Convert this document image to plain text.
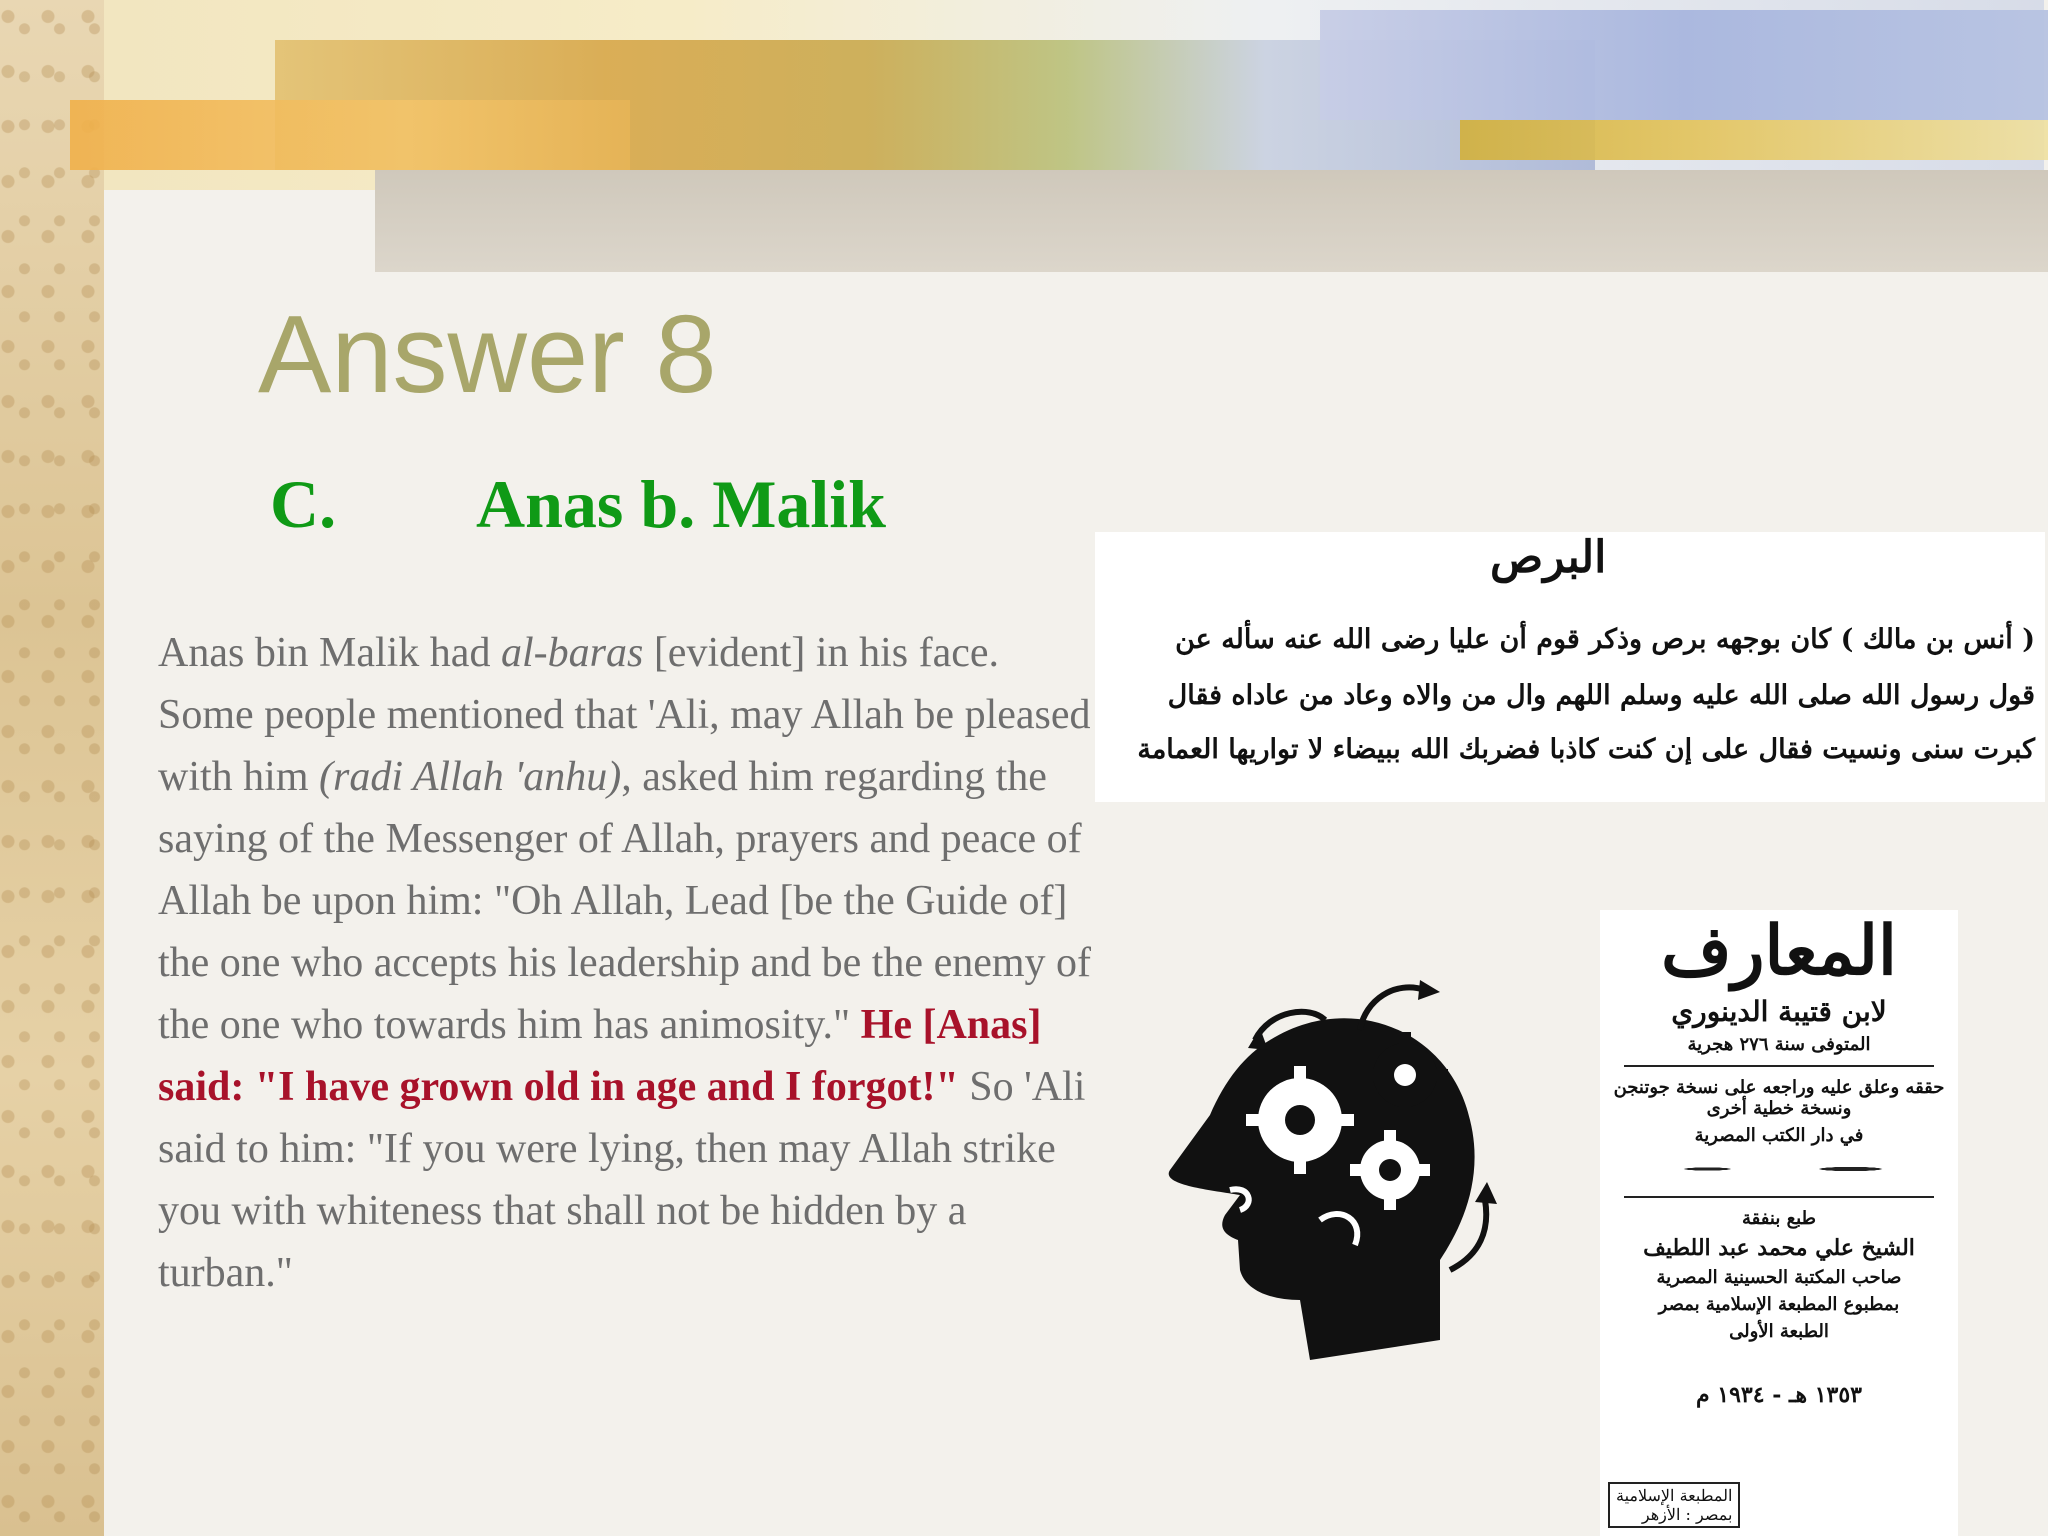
Answer 8
C. Anas b. Malik
Anas bin Malik had al-baras [evident] in his face. Some people mentioned that 'Ali, may Allah be pleased with him (radi Allah 'anhu), asked him regarding the saying of the Messenger of Allah, prayers and peace of Allah be upon him: "Oh Allah, Lead [be the Guide of] the one who accepts his leadership and be the enemy of the one who towards him has animosity." He [Anas] said: "I have grown old in age and I forgot!" So 'Ali said to him: "If you were lying, then may Allah strike you with whiteness that shall not be hidden by a turban."
البرص
( أنس بن مالك ) كان بوجهه برص وذكر قوم أن عليا رضى الله عنه سأله عن
قول رسول الله صلى الله عليه وسلم اللهم وال من والاه وعاد من عاداه فقال
كبرت سنى ونسيت فقال على إن كنت كاذبا فضربك الله ببيضاء لا تواريها العمامة
المعارف
لابن قتيبة الدينوري
المتوفى سنة ٢٧٦ هجرية
حققه وعلق عليه وراجعه على نسخة جوتنجن ونسخة خطية أخرى
في دار الكتب المصرية
طبع بنفقة
الشيخ علي محمد عبد اللطيف
صاحب المكتبة الحسينية المصرية
بمطبوع المطبعة الإسلامية بمصر
الطبعة الأولى
١٣٥٣ هـ - ١٩٣٤ م
المطبعة الإسلامية
بمصر : الأزهر
